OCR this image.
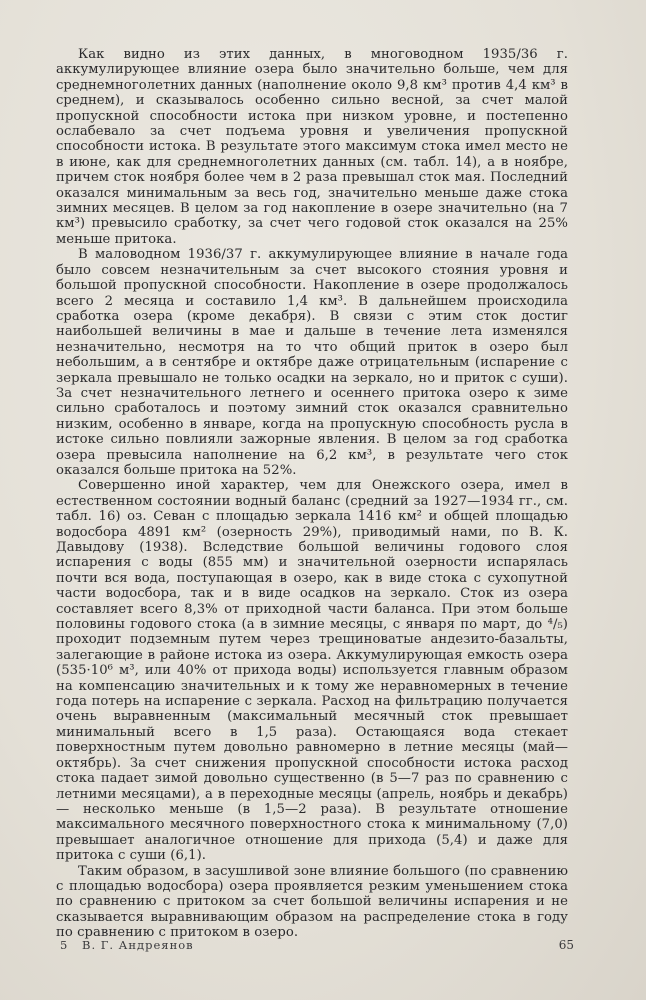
Как видно из этих данных, в многоводном 1935/36 г. аккумулирующее влияние озера было значительно больше, чем для среднемноголетних данных (наполнение около 9,8 км³ против 4,4 км³ в среднем), и сказывалось особенно сильно весной, за счет малой пропускной способности истока при низком уровне, и постепенно ослабевало за счет подъема уровня и увеличения пропускной способности истока. В результате этого максимум стока имел место не в июне, как для среднемноголетних данных (см. табл. 14), а в ноябре, причем сток ноября более чем в 2 раза превышал сток мая. Последний оказался минимальным за весь год, значительно меньше даже стока зимних месяцев. В целом за год накопление в озере значительно (на 7 км³) превысило сработку, за счет чего годовой сток оказался на 25% меньше притока.

В маловодном 1936/37 г. аккумулирующее влияние в начале года было совсем незначительным за счет высокого стояния уровня и большой пропускной способности. Накопление в озере продолжалось всего 2 месяца и составило 1,4 км³. В дальнейшем происходила сработка озера (кроме декабря). В связи с этим сток достиг наибольшей величины в мае и дальше в течение лета изменялся незначительно, несмотря на то что общий приток в озеро был небольшим, а в сентябре и октябре даже отрицательным (испарение с зеркала превышало не только осадки на зеркало, но и приток с суши). За счет незначительного летнего и осеннего притока озеро к зиме сильно сработалось и поэтому зимний сток оказался сравнительно низким, особенно в январе, когда на пропускную способность русла в истоке сильно повлияли зажорные явления. В целом за год сработка озера превысила наполнение на 6,2 км³, в результате чего сток оказался больше притока на 52%.

Совершенно иной характер, чем для Онежского озера, имел в естественном состоянии водный баланс (средний за 1927—1934 гг., см. табл. 16) оз. Севан с площадью зеркала 1416 км² и общей площадью водосбора 4891 км² (озерность 29%), приводимый нами, по В. К. Давыдову (1938). Вследствие большой величины годового слоя испарения с воды (855 мм) и значительной озерности испарялась почти вся вода, поступающая в озеро, как в виде стока с сухопутной части водосбора, так и в виде осадков на зеркало. Сток из озера составляет всего 8,3% от приходной части баланса. При этом больше половины годового стока (а в зимние месяцы, с января по март, до ⁴/₅) проходит подземным путем через трещиноватые андезито-базальты, залегающие в районе истока из озера. Аккумулирующая емкость озера (535·10⁶ м³, или 40% от прихода воды) используется главным образом на компенсацию значительных и к тому же неравномерных в течение года потерь на испарение с зеркала. Расход на фильтрацию получается очень выравненным (максимальный месячный сток превышает минимальный всего в 1,5 раза). Остающаяся вода стекает поверхностным путем довольно равномерно в летние месяцы (май—октябрь). За счет снижения пропускной способности истока расход стока падает зимой довольно существенно (в 5—7 раз по сравнению с летними месяцами), а в переходные месяцы (апрель, ноябрь и декабрь) — несколько меньше (в 1,5—2 раза). В результате отношение максимального месячного поверхностного стока к минимальному (7,0) превышает аналогичное отношение для прихода (5,4) и даже для притока с суши (6,1).

Таким образом, в засушливой зоне влияние большого (по сравнению с площадью водосбора) озера проявляется резким уменьшением стока по сравнению с притоком за счет большой величины испарения и не сказывается выравнивающим образом на распределение стока в году по сравнению с притоком в озеро.

5 В. Г. Андреянов	65
